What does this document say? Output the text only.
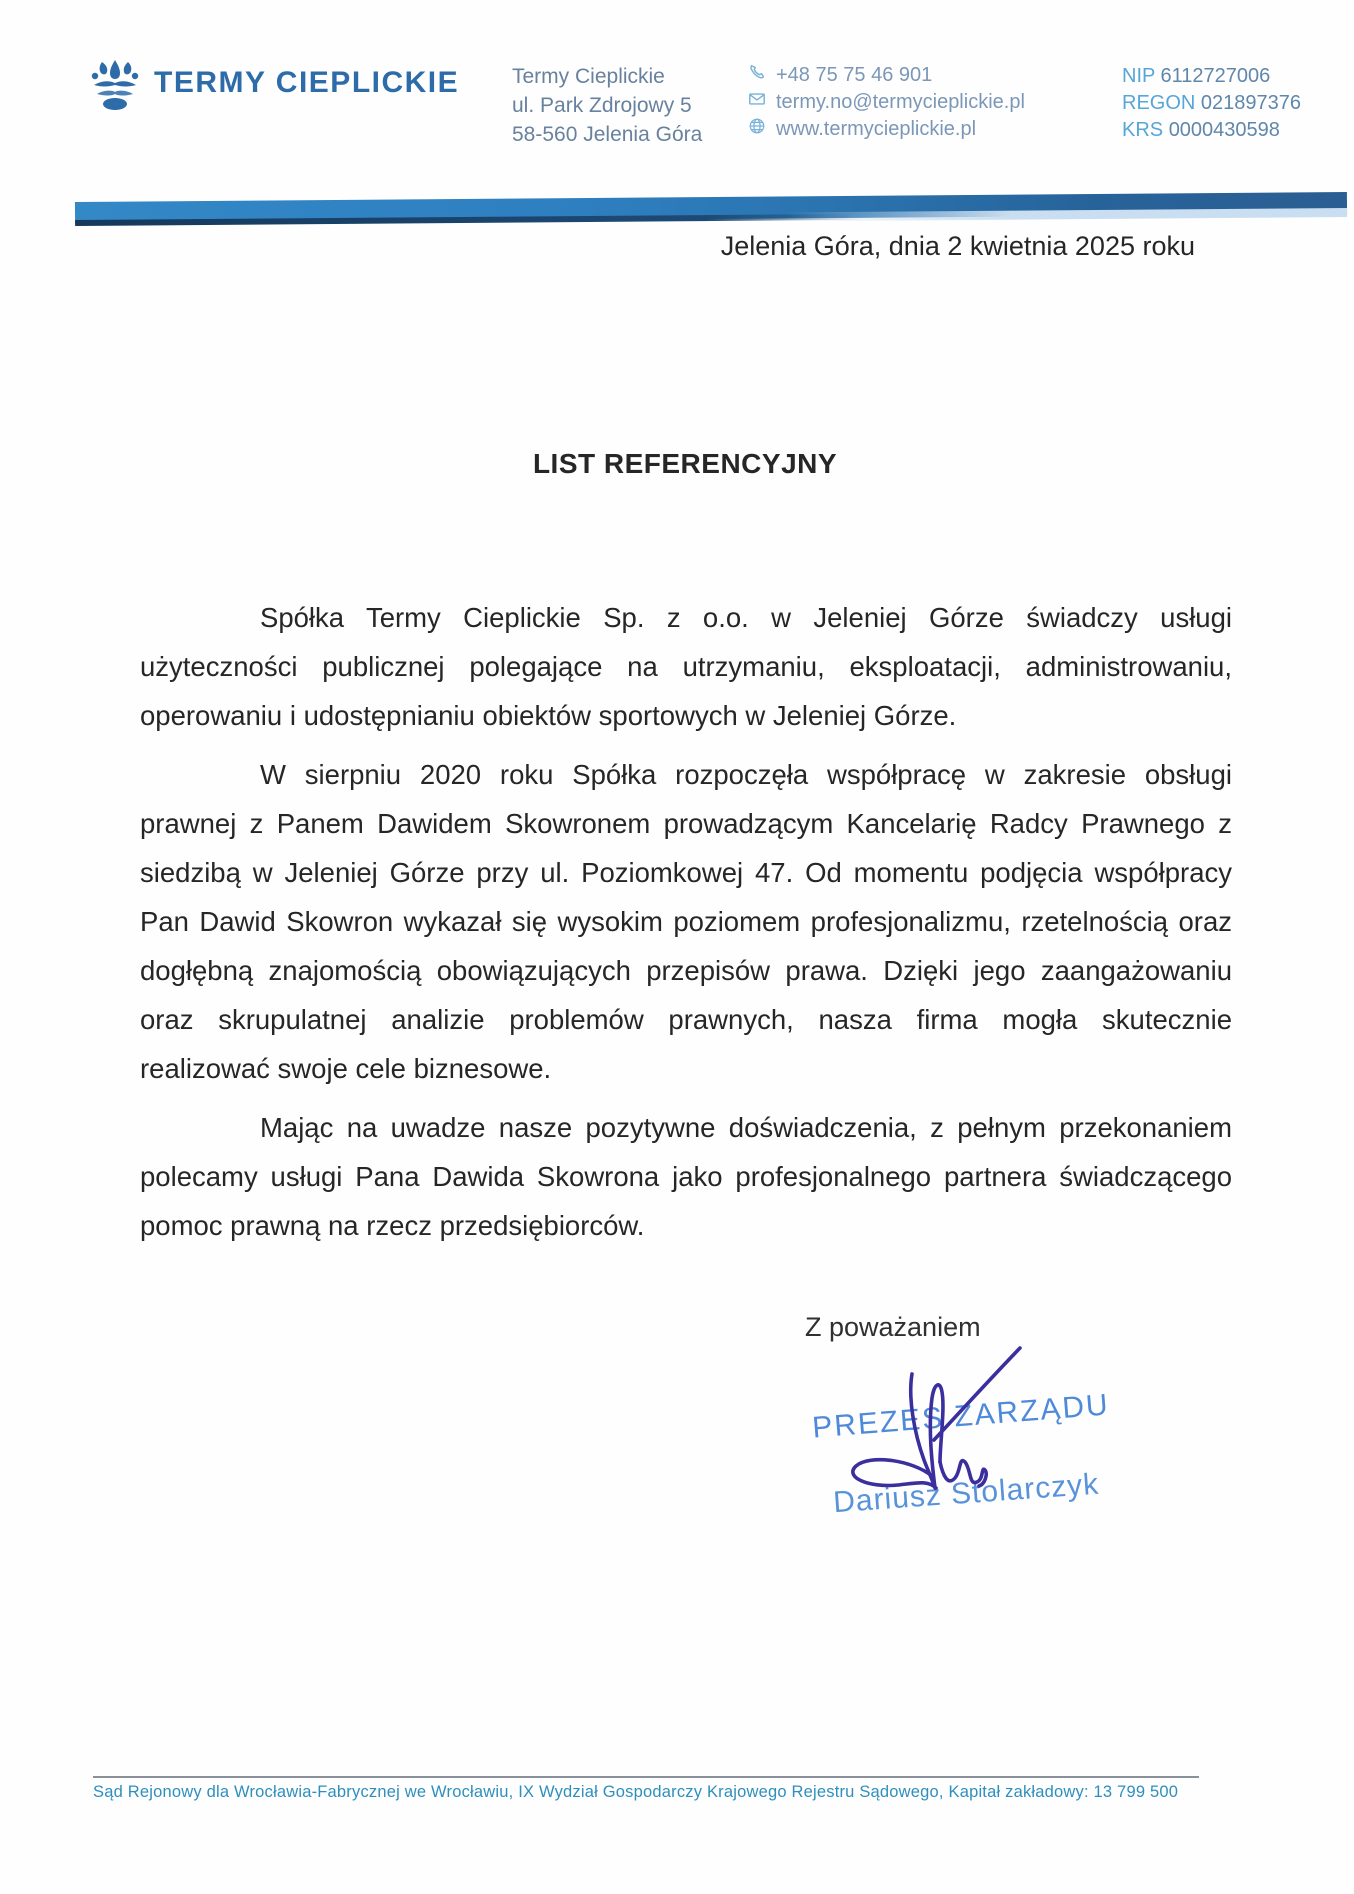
TERMY CIEPLICKIE	Termy Cieplickie
ul. Park Zdrojowy 5
58-560 Jelenia Góra
+48 75 75 46 901
termy.no@termycieplickie.pl
www.termycieplickie.pl
NIP 6112727006
REGON 021897376
KRS 0000430598
Jelenia Góra, dnia 2 kwietnia 2025 roku
LIST REFERENCYJNY

Spółka Termy Cieplickie Sp. z o.o. w Jeleniej Górze świadczy usługi użyteczności publicznej polegające na utrzymaniu, eksploatacji, administrowaniu, operowaniu i udostępnianiu obiektów sportowych w Jeleniej Górze.

W sierpniu 2020 roku Spółka rozpoczęła współpracę w zakresie obsługi prawnej z Panem Dawidem Skowronem prowadzącym Kancelarię Radcy Prawnego z siedzibą w Jeleniej Górze przy ul. Poziomkowej 47. Od momentu podjęcia współpracy Pan Dawid Skowron wykazał się wysokim poziomem profesjonalizmu, rzetelnością oraz dogłębną znajomością obowiązujących przepisów prawa. Dzięki jego zaangażowaniu oraz skrupulatnej analizie problemów prawnych, nasza firma mogła skutecznie realizować swoje cele biznesowe.

Mając na uwadze nasze pozytywne doświadczenia, z pełnym przekonaniem polecamy usługi Pana Dawida Skowrona jako profesjonalnego partnera świadczącego pomoc prawną na rzecz przedsiębiorców.

Z poważaniem
PREZES ZARZĄDU
Dariusz Stolarczyk
Sąd Rejonowy dla Wrocławia-Fabrycznej we Wrocławiu, IX Wydział Gospodarczy Krajowego Rejestru Sądowego, Kapitał zakładowy: 13 799 500
